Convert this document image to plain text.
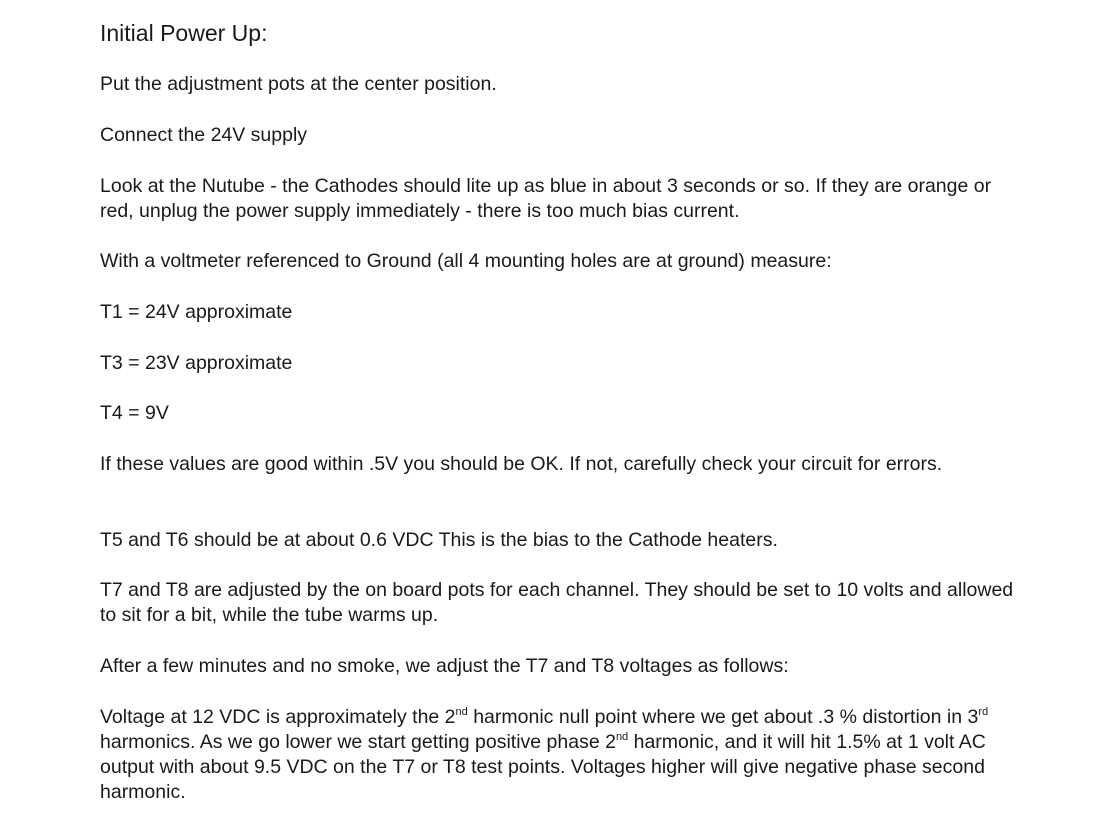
Initial Power Up:
Put the adjustment pots at the center position.
Connect the 24V supply
Look at the Nutube - the Cathodes should lite up as blue in about 3 seconds or so. If they are orange or red, unplug the power supply immediately - there is too much bias current.
With a voltmeter referenced to Ground (all 4 mounting holes are at ground) measure:
T1 = 24V approximate
T3 = 23V approximate
T4 = 9V
If these values are good within .5V you should be OK. If not, carefully check your circuit for errors.
T5 and T6 should be at about 0.6 VDC This is the bias to the Cathode heaters.
T7 and T8 are adjusted by the on board pots for each channel. They should be set to 10 volts and allowed to sit for a bit, while the tube warms up.
After a few minutes and no smoke, we adjust the T7 and T8 voltages as follows:
Voltage at 12 VDC is approximately the 2nd harmonic null point where we get about .3 % distortion in 3rd harmonics. As we go lower we start getting positive phase 2nd harmonic, and it will hit 1.5% at 1 volt AC output with about 9.5 VDC on the T7 or T8 test points. Voltages higher will give negative phase second harmonic.
